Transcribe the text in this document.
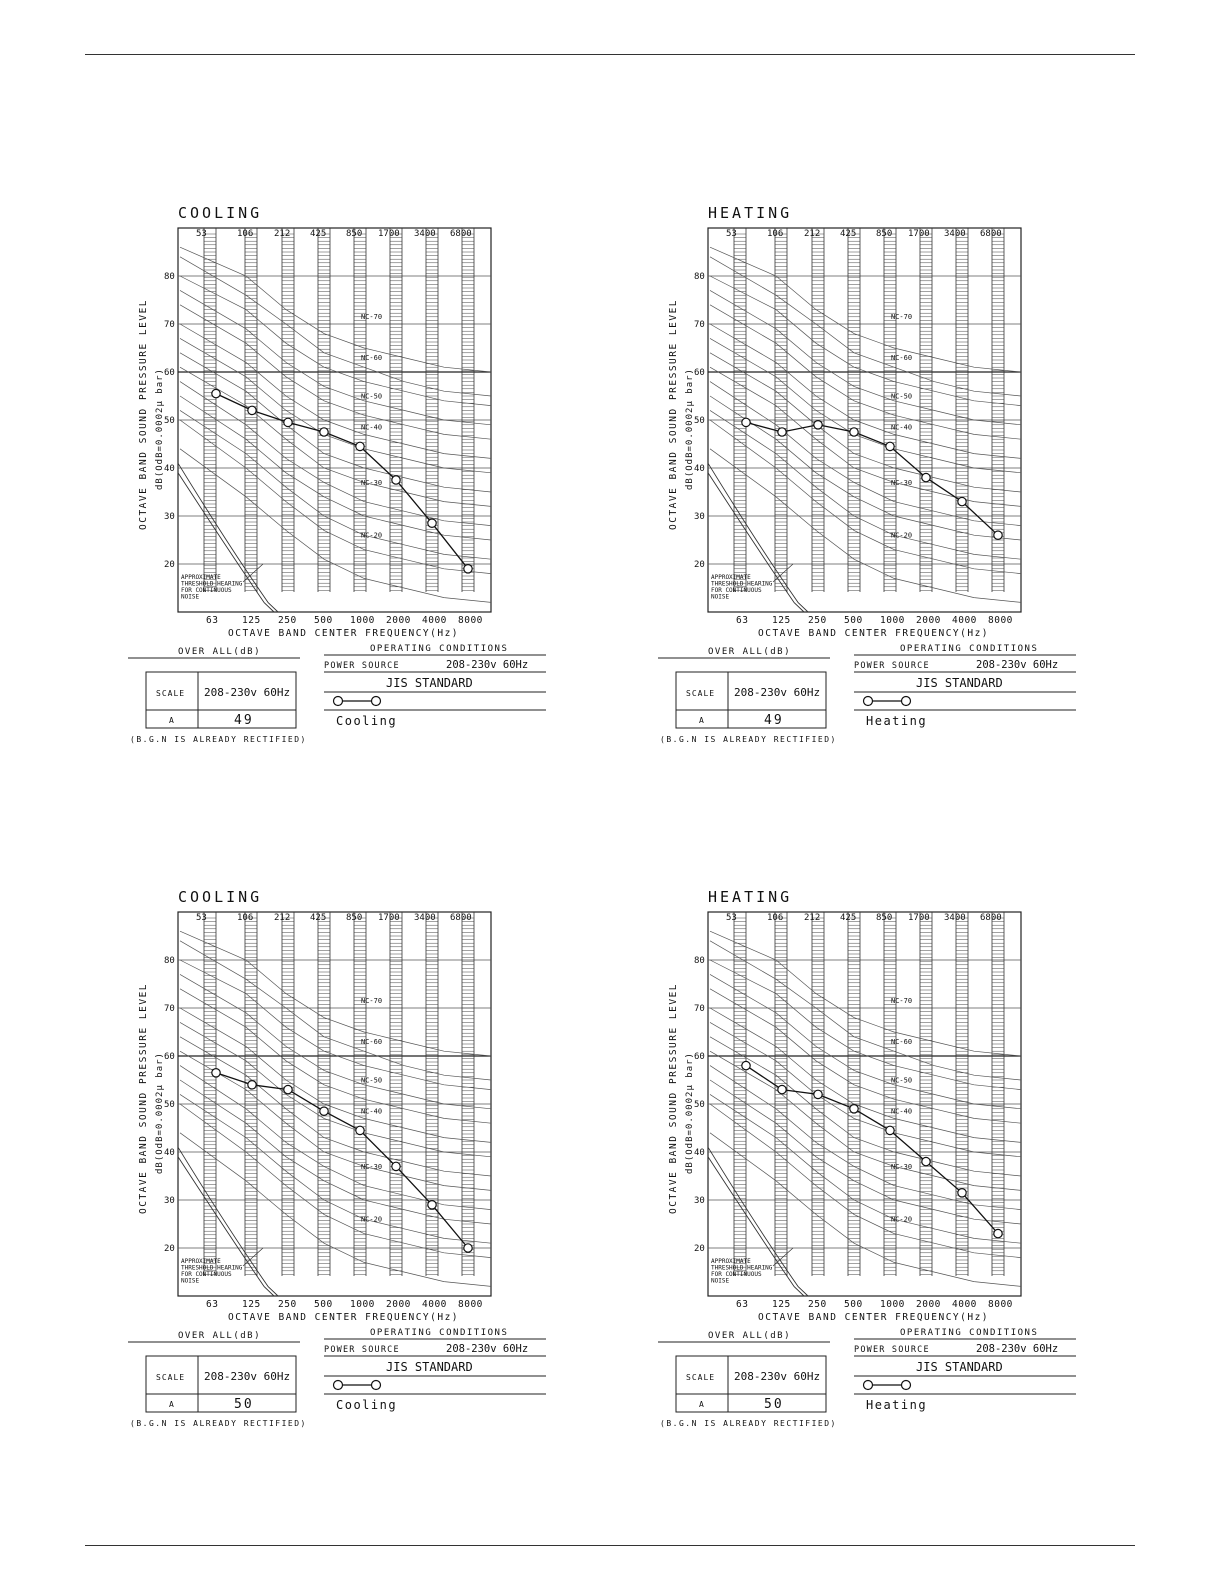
COOLING
53	106 212 425 850 1700 3400 6800
NC-70
NC-60
NC-50
NC-40
NC-30
NC-20
APPROXIMATE
THRESHOLD HEARING
FOR CONTINUOUS
NOISE
20
30
40
50
60
70
80
OCTAVE BAND SOUND PRESSURE LEVEL dB(OdB=0.0002μ bar)
63 125 250 500 1000 2000 4000 8000
OCTAVE BAND CENTER FREQUENCY(Hz)
OVER ALL(dB)
SCALE 208-230v 60Hz
A	49
(B.G.N IS ALREADY RECTIFIED)
OPERATING CONDITIONS
POWER SOURCE	208-230v 60Hz
JIS STANDARD
Cooling
HEATING
53	106 212 425 850 1700 3400 6800
NC-70
NC-60
NC-50
NC-40
NC-30
NC-20
APPROXIMATE
THRESHOLD HEARING
FOR CONTINUOUS
NOISE
20
30
40
50
60
70
80
OCTAVE BAND SOUND PRESSURE LEVEL dB(OdB=0.0002μ bar)
63 125 250 500 1000 2000 4000 8000
OCTAVE BAND CENTER FREQUENCY(Hz)
OVER ALL(dB)
SCALE 208-230v 60Hz
A	49
(B.G.N IS ALREADY RECTIFIED)
OPERATING CONDITIONS
POWER SOURCE	208-230v 60Hz
JIS STANDARD
Heating
COOLING
53	106 212 425 850 1700 3400 6800
NC-70
NC-60
NC-50
NC-40
NC-30
NC-20
APPROXIMATE
THRESHOLD HEARING
FOR CONTINUOUS
NOISE
20
30
40
50
60
70
80
OCTAVE BAND SOUND PRESSURE LEVEL dB(OdB=0.0002μ bar)
63 125 250 500 1000 2000 4000 8000
OCTAVE BAND CENTER FREQUENCY(Hz)
OVER ALL(dB)
SCALE 208-230v 60Hz
A	50
(B.G.N IS ALREADY RECTIFIED)
OPERATING CONDITIONS
POWER SOURCE	208-230v 60Hz
JIS STANDARD
Cooling
HEATING
53	106 212 425 850 1700 3400 6800
NC-70
NC-60
NC-50
NC-40
NC-30
NC-20
APPROXIMATE
THRESHOLD HEARING
FOR CONTINUOUS
NOISE
20
30
40
50
60
70
80
OCTAVE BAND SOUND PRESSURE LEVEL dB(OdB=0.0002μ bar)
63 125 250 500 1000 2000 4000 8000
OCTAVE BAND CENTER FREQUENCY(Hz)
OVER ALL(dB)
SCALE 208-230v 60Hz
A	50
(B.G.N IS ALREADY RECTIFIED)
OPERATING CONDITIONS
POWER SOURCE	208-230v 60Hz
JIS STANDARD
Heating
